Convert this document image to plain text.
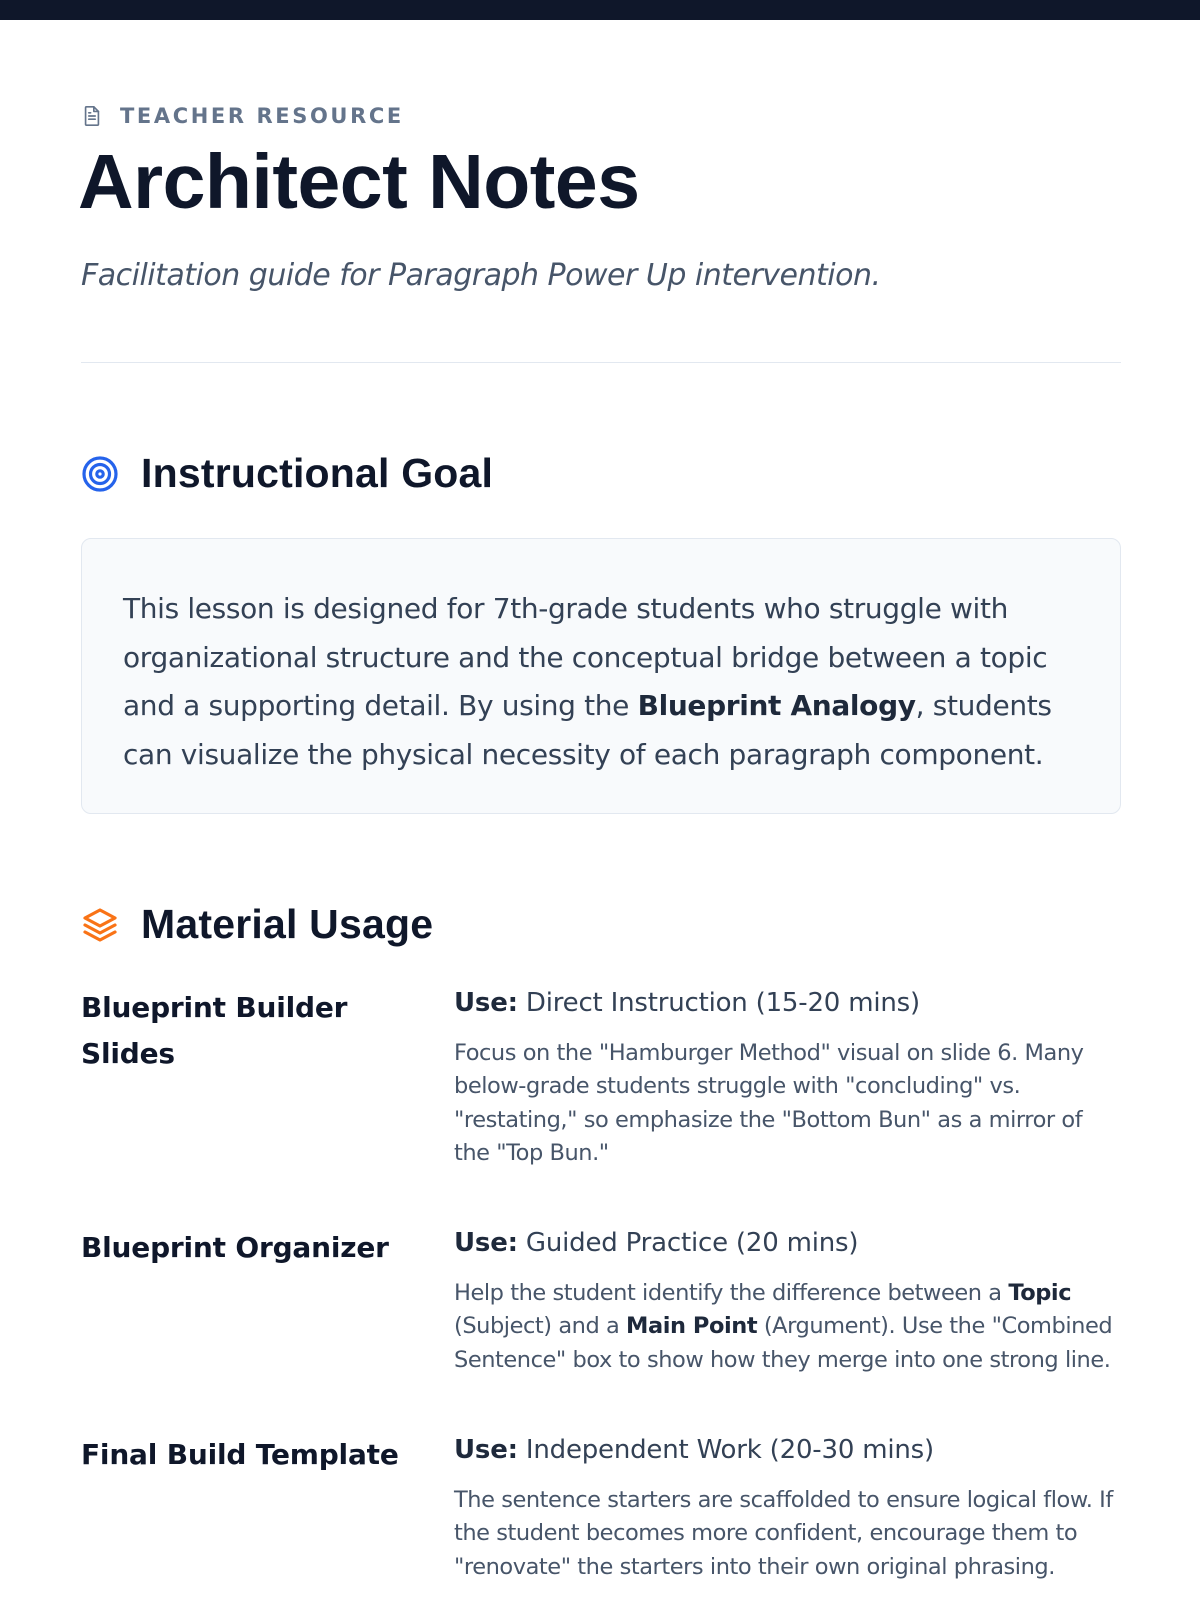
TEACHER RESOURCE
Architect Notes

Facilitation guide for Paragraph Power Up intervention.

Instructional Goal

This lesson is designed for 7th-grade students who struggle with organizational structure and the conceptual bridge between a topic and a supporting detail. By using the Blueprint Analogy, students can visualize the physical necessity of each paragraph component.

Material Usage

Blueprint Builder Slides

Use: Direct Instruction (15-20 mins)

Focus on the "Hamburger Method" visual on slide 6. Many below-grade students struggle with "concluding" vs. "restating," so emphasize the "Bottom Bun" as a mirror of the "Top Bun."

Blueprint Organizer	Use: Guided Practice (20 mins)

Help the student identify the difference between a Topic (Subject) and a Main Point (Argument). Use the "Combined Sentence" box to show how they merge into one strong line.

Final Build Template Use: Independent Work (20-30 mins)

The sentence starters are scaffolded to ensure logical flow. If the student becomes more confident, encourage them to "renovate" the starters into their own original phrasing.
